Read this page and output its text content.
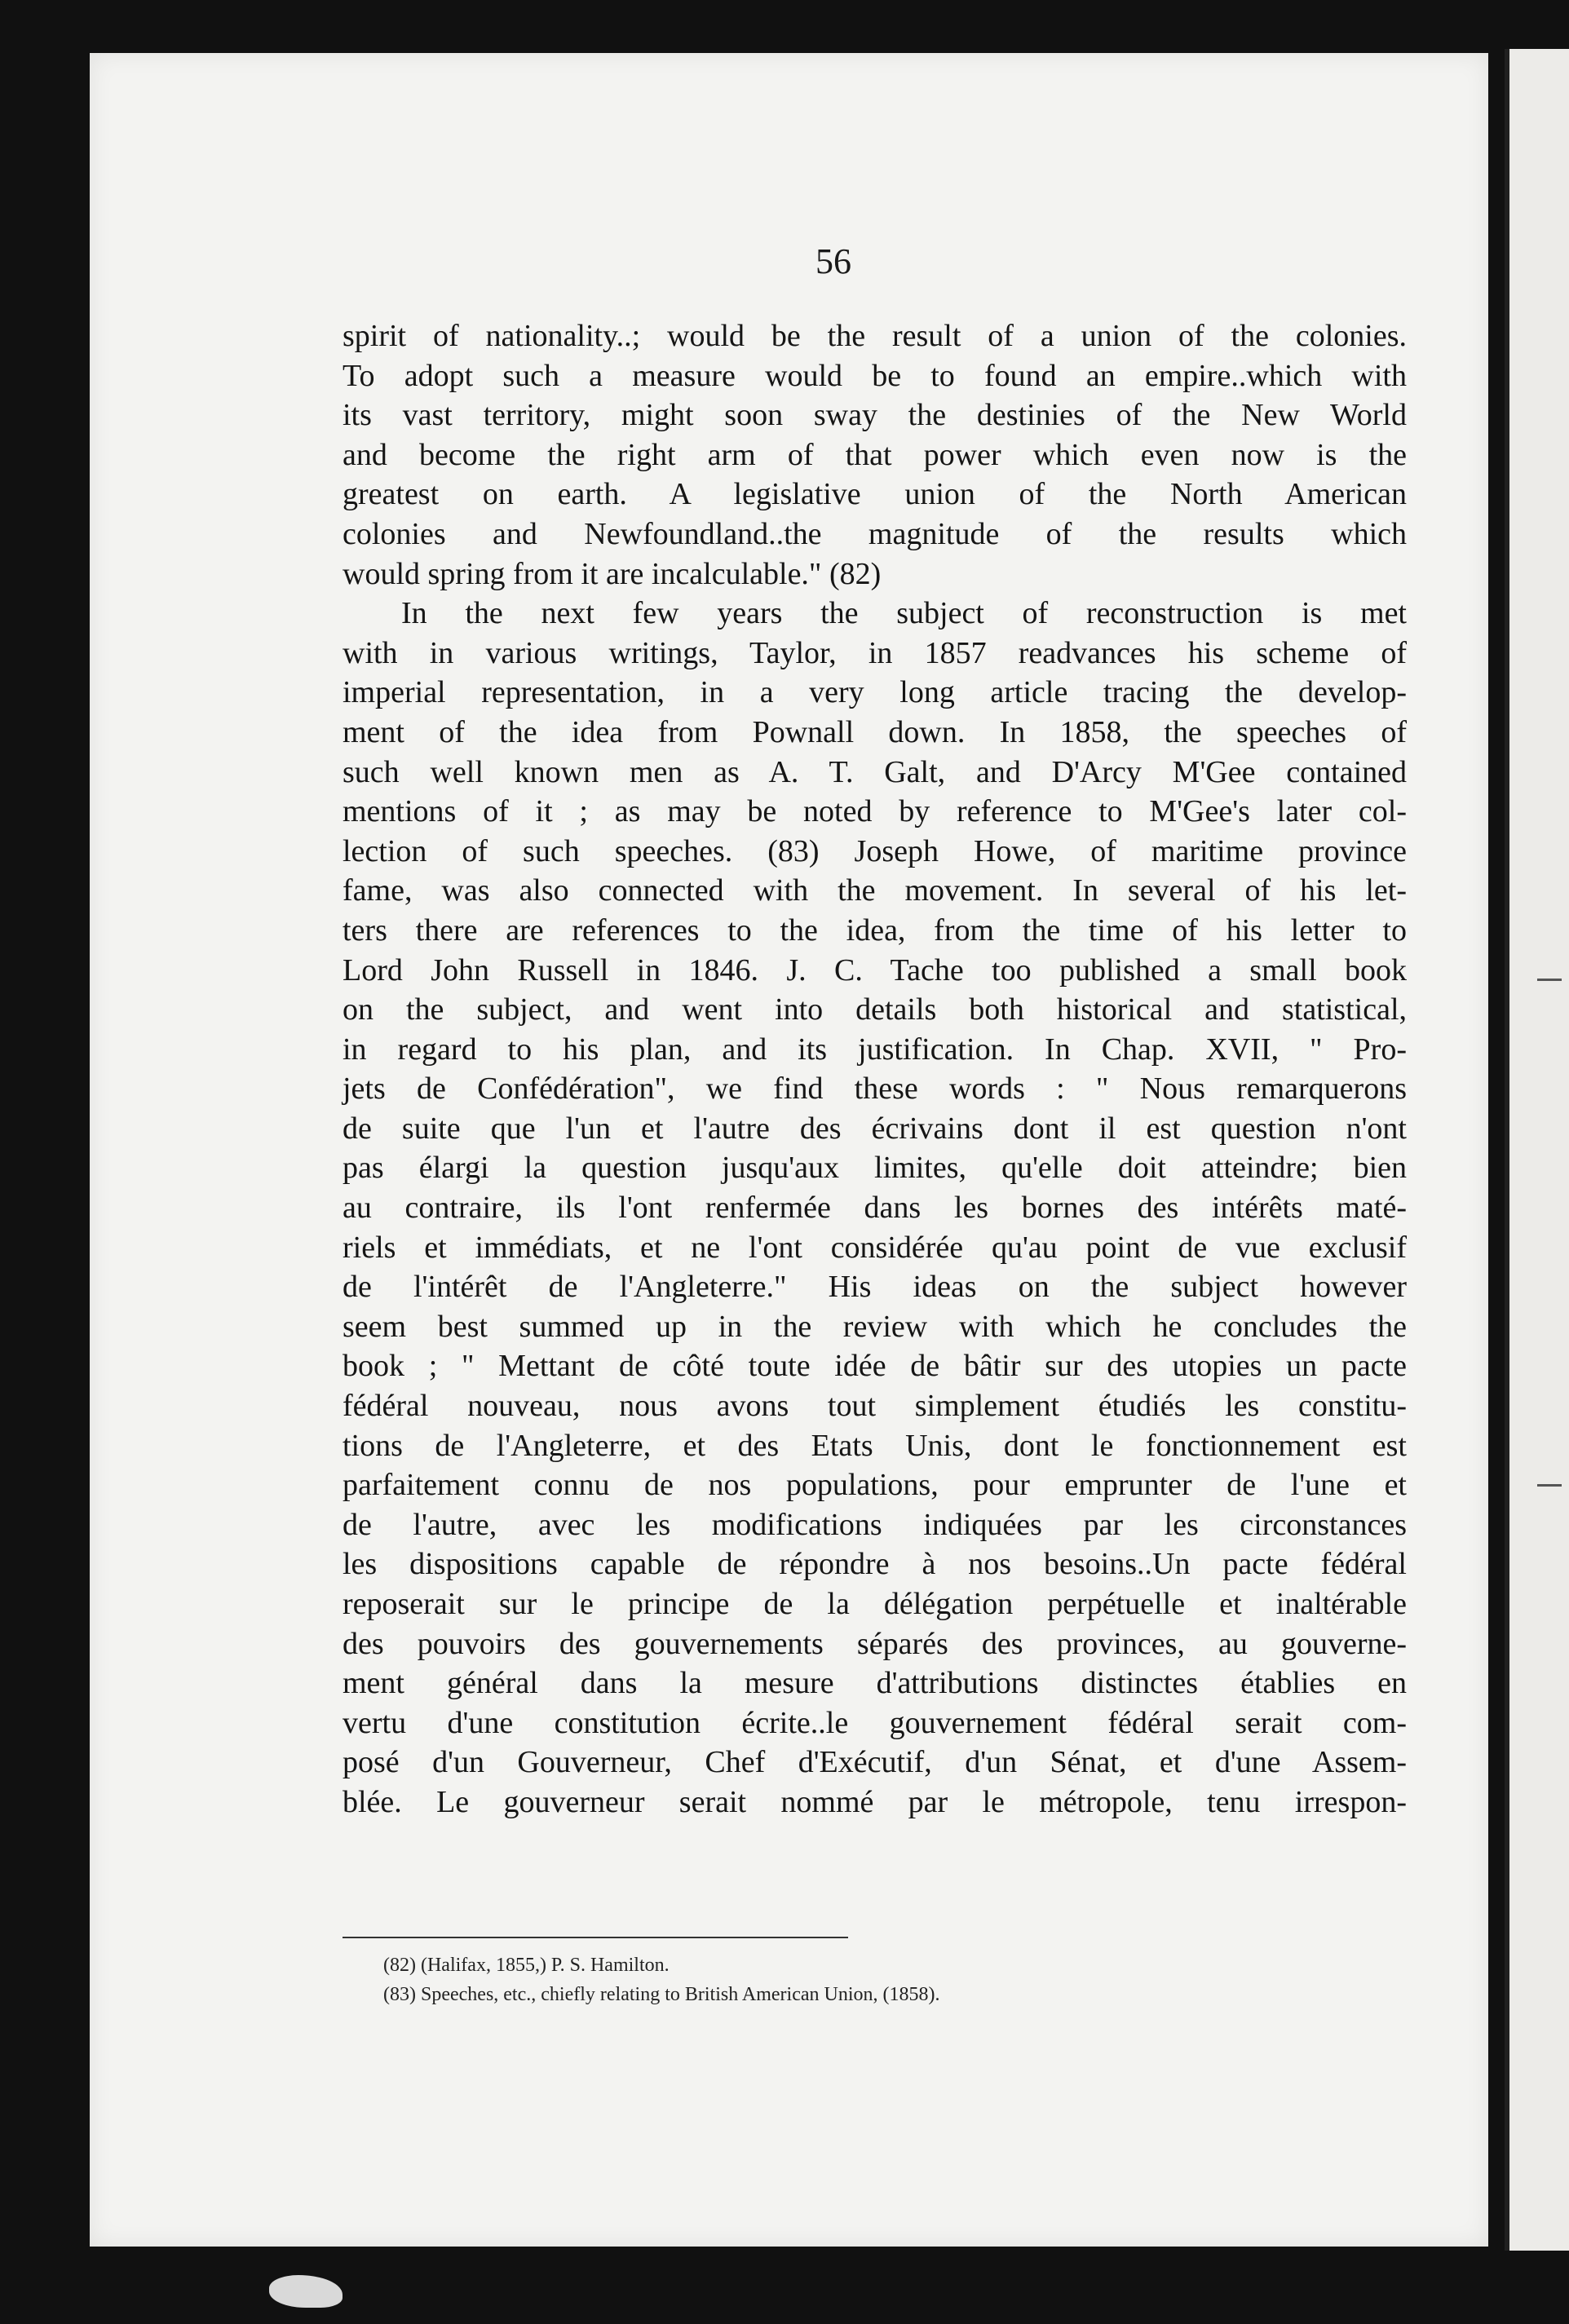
56
spirit of nationality..; would be the result of a union of the colonies.
To adopt such a measure would be to found an empire..which with
its vast territory, might soon sway the destinies of the New World
and become the right arm of that power which even now is the
greatest on earth. A legislative union of the North American
colonies and Newfoundland..the magnitude of the results which
would spring from it are incalculable." (82)
In the next few years the subject of reconstruction is met
with in various writings, Taylor, in 1857 readvances his scheme of
imperial representation, in a very long article tracing the develop-
ment of the idea from Pownall down. In 1858, the speeches of
such well known men as A. T. Galt, and D'Arcy M'Gee contained
mentions of it ; as may be noted by reference to M'Gee's later col-
lection of such speeches. (83) Joseph Howe, of maritime province
fame, was also connected with the movement. In several of his let-
ters there are references to the idea, from the time of his letter to
Lord John Russell in 1846. J. C. Tache too published a small book
on the subject, and went into details both historical and statistical,
in regard to his plan, and its justification. In Chap. XVII, " Pro-
jets de Confédération", we find these words : " Nous remarquerons
de suite que l'un et l'autre des écrivains dont il est question n'ont
pas élargi la question jusqu'aux limites, qu'elle doit atteindre; bien
au contraire, ils l'ont renfermée dans les bornes des intérêts maté-
riels et immédiats, et ne l'ont considérée qu'au point de vue exclusif
de l'intérêt de l'Angleterre." His ideas on the subject however
seem best summed up in the review with which he concludes the
book ; " Mettant de côté toute idée de bâtir sur des utopies un pacte
fédéral nouveau, nous avons tout simplement étudiés les constitu-
tions de l'Angleterre, et des Etats Unis, dont le fonctionnement est
parfaitement connu de nos populations, pour emprunter de l'une et
de l'autre, avec les modifications indiquées par les circonstances
les dispositions capable de répondre à nos besoins..Un pacte fédéral
reposerait sur le principe de la délégation perpétuelle et inaltérable
des pouvoirs des gouvernements séparés des provinces, au gouverne-
ment général dans la mesure d'attributions distinctes établies en
vertu d'une constitution écrite..le gouvernement fédéral serait com-
posé d'un Gouverneur, Chef d'Exécutif, d'un Sénat, et d'une Assem-
blée. Le gouverneur serait nommé par le métropole, tenu irrespon-
(82) (Halifax, 1855,) P. S. Hamilton.
(83) Speeches, etc., chiefly relating to British American Union, (1858).
